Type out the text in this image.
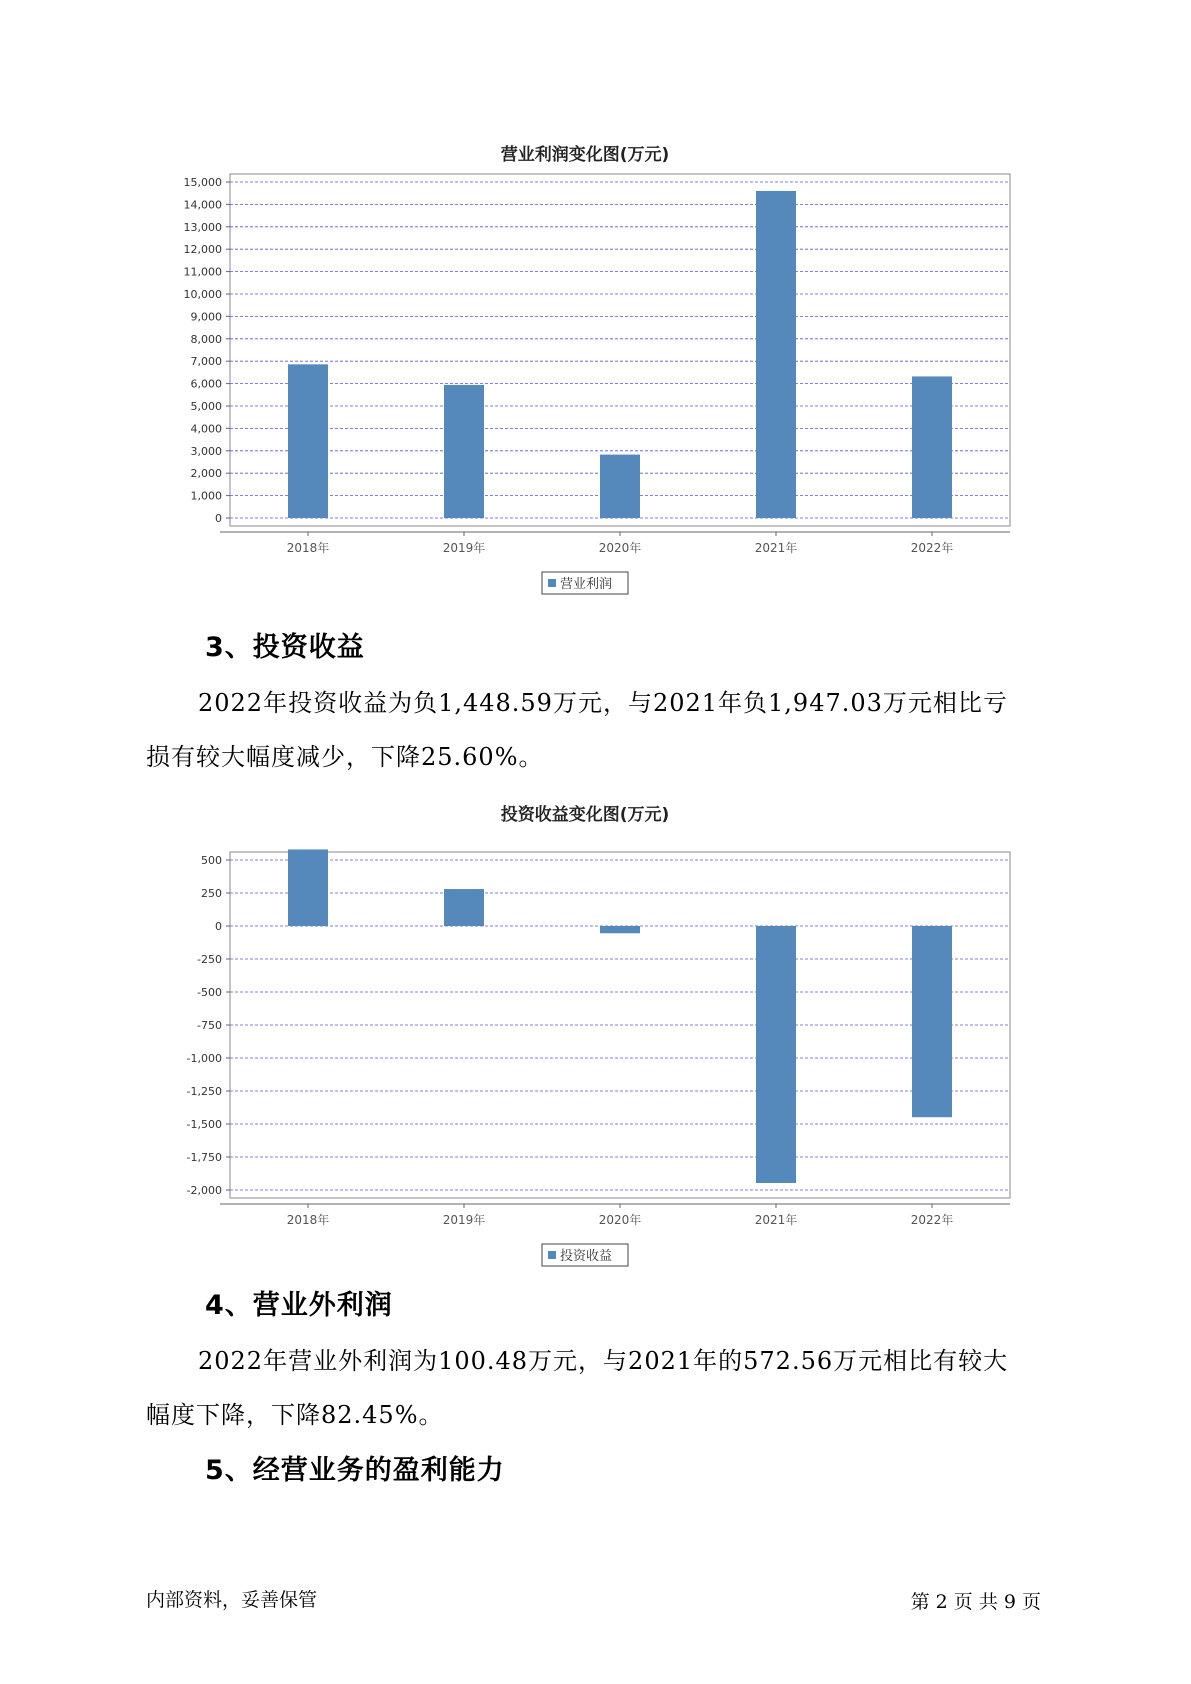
营业利润变化图(万元)
0
1,000
2,000
3,000
4,000
5,000
6,000
7,000
8,000
9,000
10,000
11,000
12,000
13,000
14,000
15,000
2018年	2019年	2020年	2021年	2022年
营业利润
3、投资收益
2022年投资收益为负1,448.59万元，与2021年负1,947.03万元相比亏
损有较大幅度减少，下降25.60%。
投资收益变化图(万元)
500
250
0
-250
-500
-750
-1,000
-1,250
-1,500
-1,750
-2,000
2018年	2019年	2020年	2021年	2022年
投资收益
4、营业外利润
2022年营业外利润为100.48万元，与2021年的572.56万元相比有较大
幅度下降，下降82.45%。
5、经营业务的盈利能力
内部资料，妥善保管	第 2 页 共 9 页
